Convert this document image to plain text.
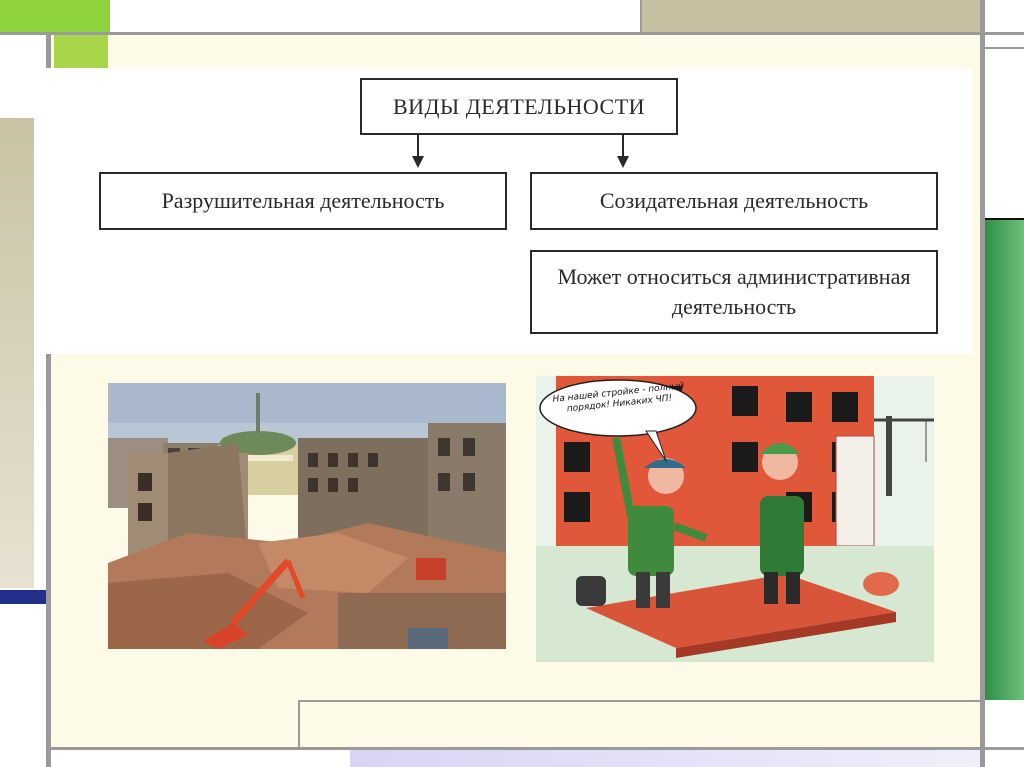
ВИДЫ ДЕЯТЕЛЬНОСТИ
Разрушительная деятельность	Созидательная деятельность
Может относиться административная деятельность
На нашей стройке - полный порядок! Никаких ЧП!
